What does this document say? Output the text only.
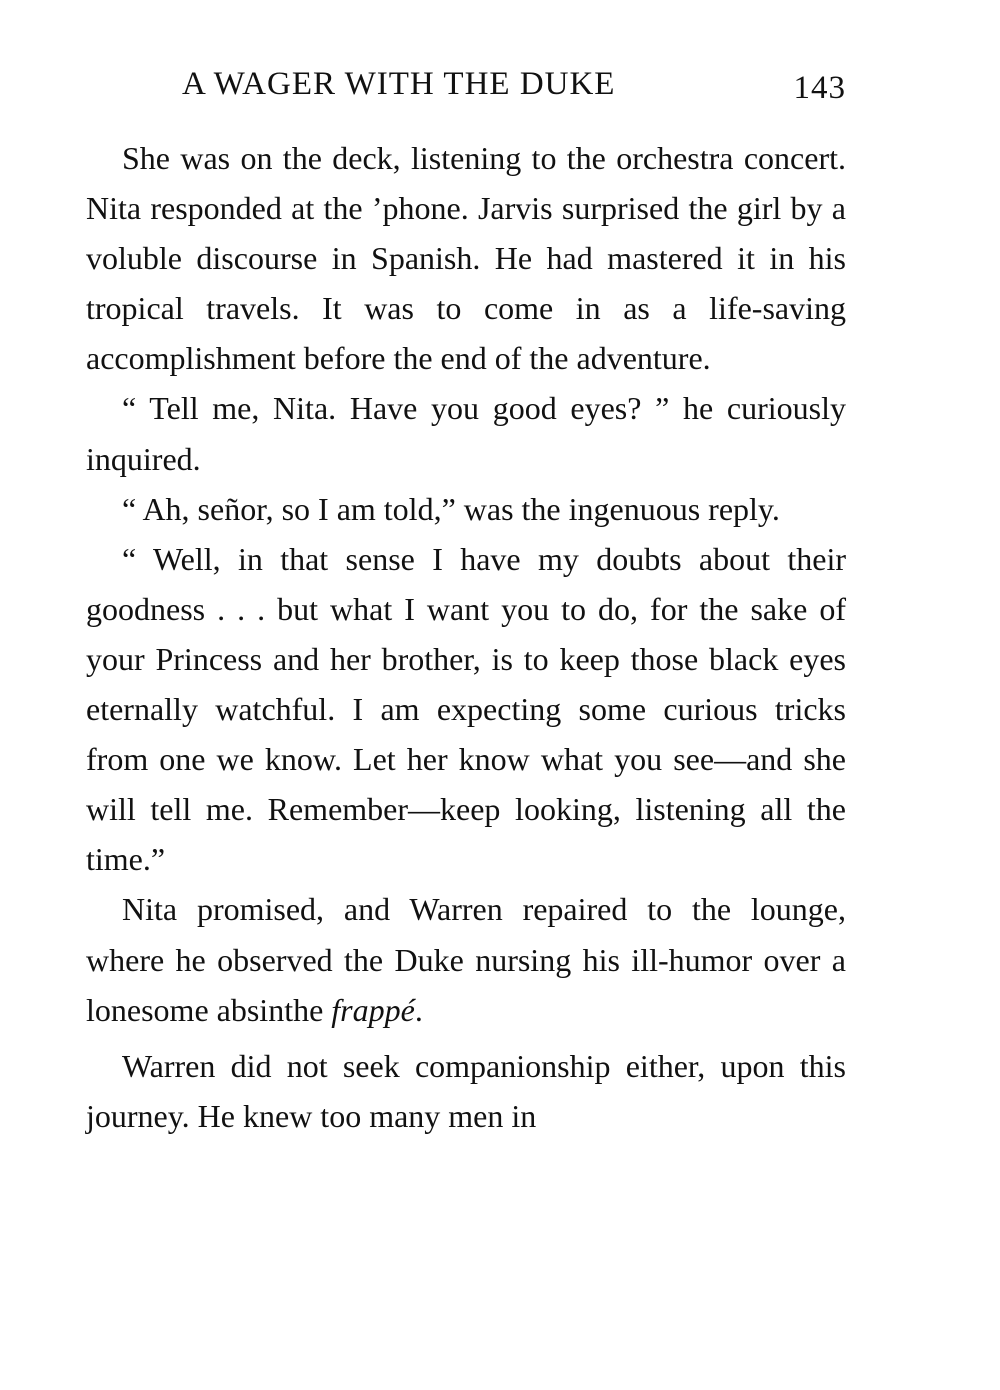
A WAGER WITH THE DUKE	143

She was on the deck, listening to the orchestra concert. Nita responded at the ’phone. Jarvis surprised the girl by a voluble discourse in Spanish. He had mastered it in his tropical travels. It was to come in as a life-saving accomplishment before the end of the adventure.

“ Tell me, Nita. Have you good eyes? ” he curiously inquired.

“ Ah, señor, so I am told,” was the ingenuous reply.

“ Well, in that sense I have my doubts about their goodness . . . but what I want you to do, for the sake of your Princess and her brother, is to keep those black eyes eternally watchful. I am expecting some curious tricks from one we know. Let her know what you see—and she will tell me. Remember—keep looking, listening all the time.”

Nita promised, and Warren repaired to the lounge, where he observed the Duke nursing his ill-humor over a lonesome absinthe frappé.

Warren did not seek companionship either, upon this journey. He knew too many men in
